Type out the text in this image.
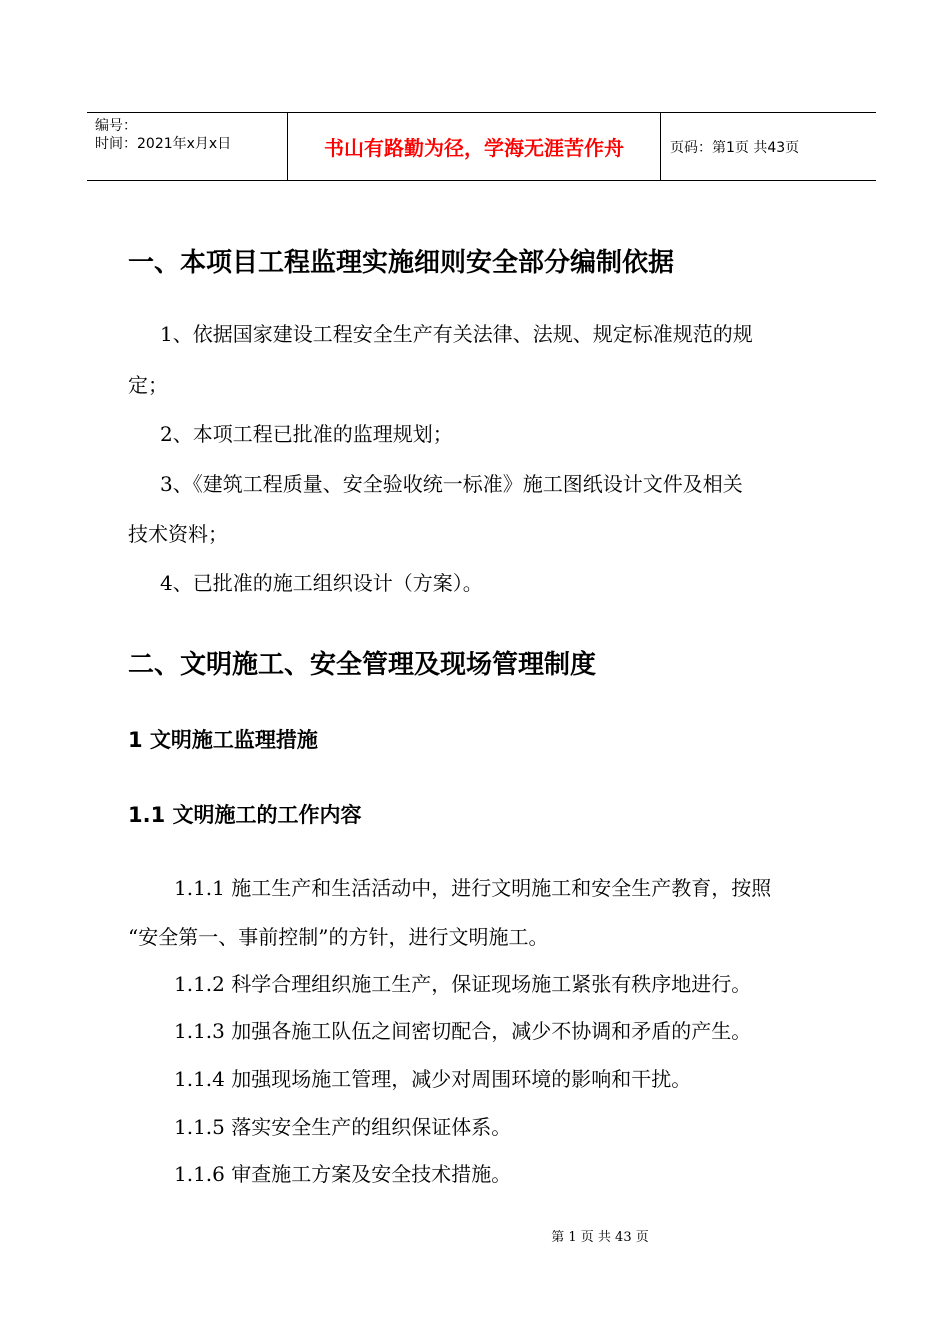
编号：
时间：2021年x月x日	书山有路勤为径，学海无涯苦作舟	页码：第1页 共43页
一、本项目工程监理实施细则安全部分编制依据
1、依据国家建设工程安全生产有关法律、法规、规定标准规范的规
定；
2、本项工程已批准的监理规划；
3、《建筑工程质量、安全验收统一标准》施工图纸设计文件及相关
技术资料；
4、已批准的施工组织设计（方案）。
二、文明施工、安全管理及现场管理制度
1 文明施工监理措施
1.1 文明施工的工作内容
1.1.1 施工生产和生活活动中，进行文明施工和安全生产教育，按照
“安全第一、事前控制”的方针，进行文明施工。
1.1.2 科学合理组织施工生产，保证现场施工紧张有秩序地进行。
1.1.3 加强各施工队伍之间密切配合，减少不协调和矛盾的产生。
1.1.4 加强现场施工管理，减少对周围环境的影响和干扰。
1.1.5 落实安全生产的组织保证体系。
1.1.6 审查施工方案及安全技术措施。
第 1 页 共 43 页
